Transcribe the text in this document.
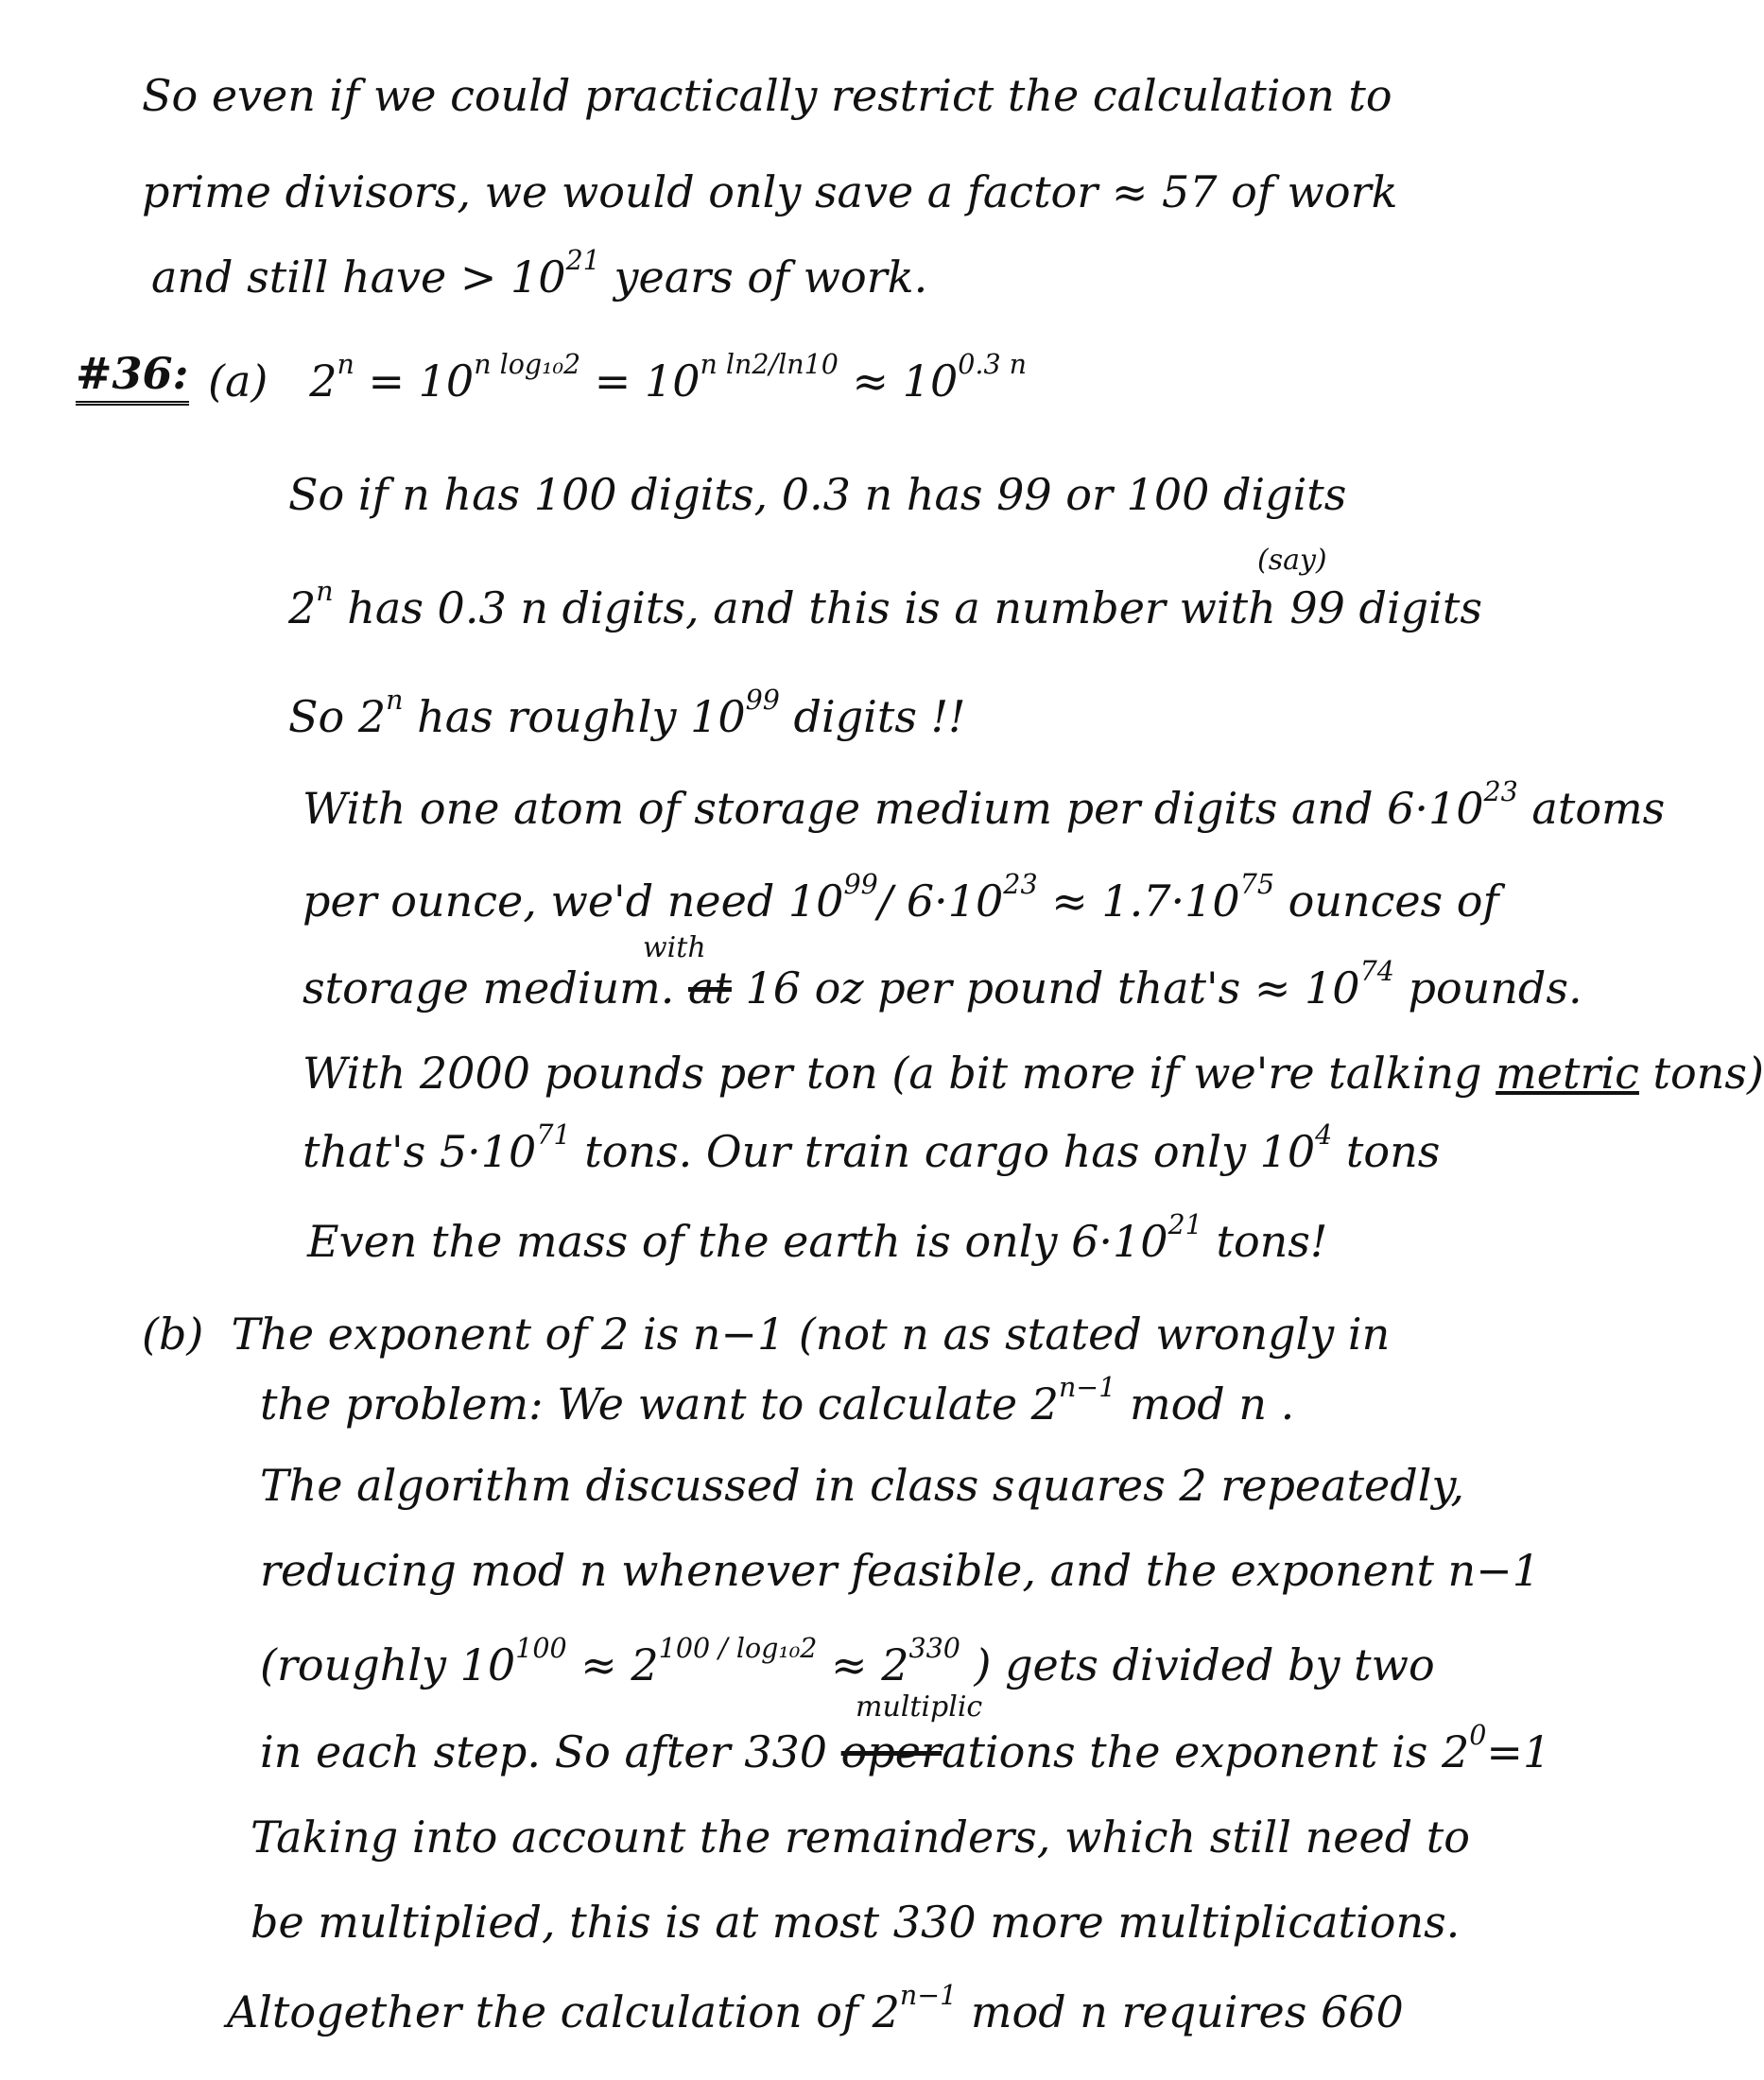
So even if we could practically restrict the calculation to
prime divisors, we would only save a factor ≈ 57 of work
and still have > $10^{21}$ years of work.
#36: (a) $2^n = 10^{n log_{10}2} = 10^{n ln2/ln10} \approx 10^{0.3 n}$
So if n has 100 digits, 0.3 n has 99 or 100 digits
(say)
2$^n$ has 0.3 n digits, and this is a number with 99 digits
So 2$^n$ has roughly $10^{99}$ digits !!
With one atom of storage medium per digits and $6\cdot 10^{23}$ atoms
per ounce, we'd need $10^{99}/$ $6\cdot 10^{23} \approx 1.7\cdot 10^{75}$ ounces of
with
storage medium. at 16 oz per pound that's ≈ $10^{74}$ pounds.
With 2000 pounds per ton (a bit more if we're talking metric tons)
that's $5\cdot 10^{71}$ tons. Our train cargo has only $10^4$ tons
Even the mass of the earth is only $6\cdot 10^{21}$ tons!
(b) The exponent of 2 is n−1 (not n as stated wrongly in
the problem: We want to calculate $2^{n-1}$ mod n .
The algorithm discussed in class squares 2 repeatedly,
reducing mod n whenever feasible, and the exponent n−1
(roughly $10^{100} \approx 2^{100 / log_{10}2} \approx 2^{330}$ ) gets divided by two
multiplic
in each step. So after 330 operations the exponent is $2^0=1$
Taking into account the remainders, which still need to
be multiplied, this is at most 330 more multiplications.
Altogether the calculation of $2^{n-1}$ mod n requires 660
